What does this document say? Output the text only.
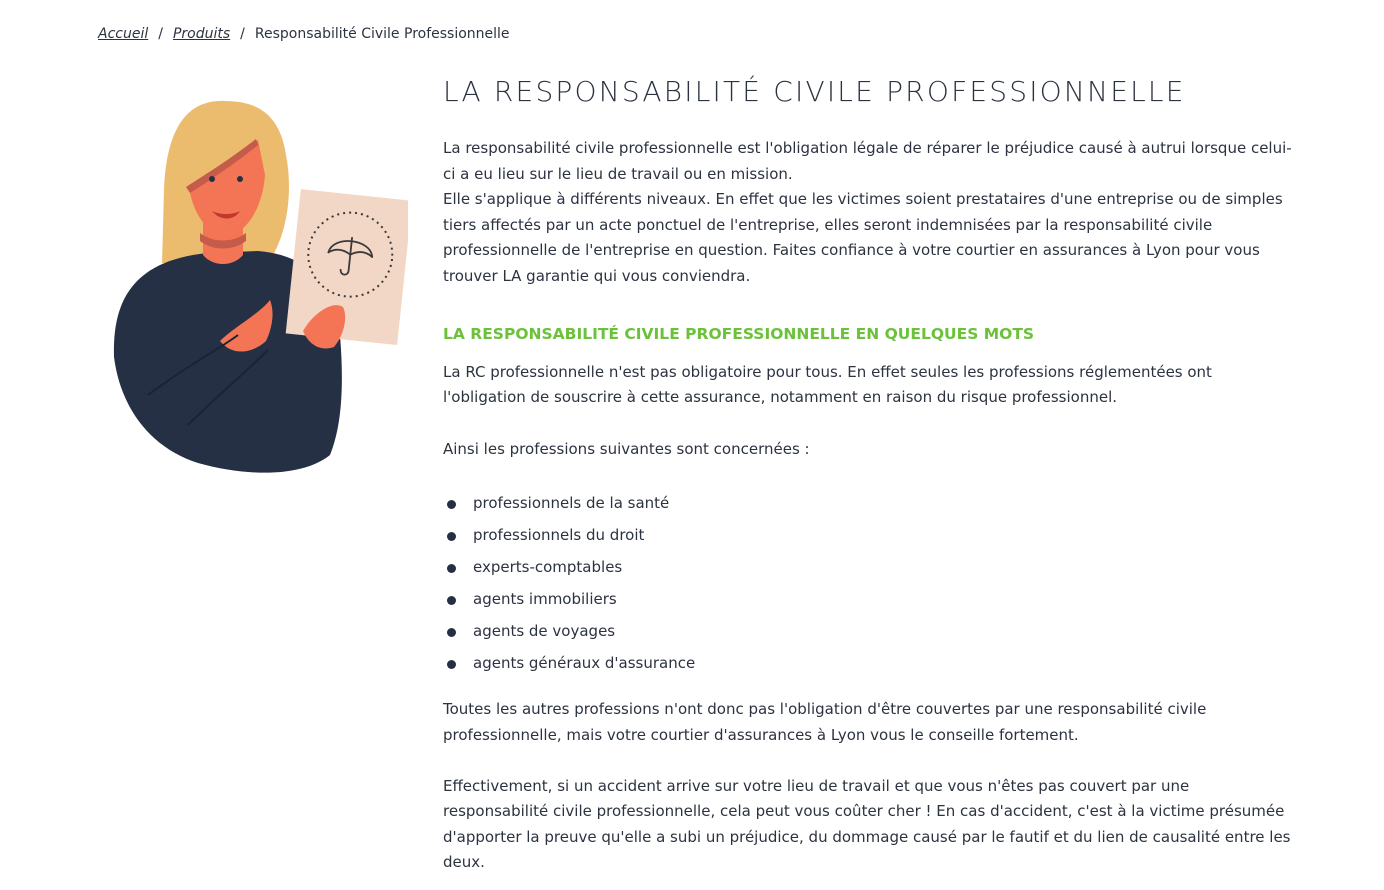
Accueil / Produits / Responsabilité Civile Professionnelle
LA RESPONSABILITÉ CIVILE PROFESSIONNELLE

La responsabilité civile professionnelle est l'obligation légale de réparer le préjudice causé à autrui lorsque celui-ci a eu lieu sur le lieu de travail ou en mission.

Elle s'applique à différents niveaux. En effet que les victimes soient prestataires d'une entreprise ou de simples tiers affectés par un acte ponctuel de l'entreprise, elles seront indemnisées par la responsabilité civile professionnelle de l'entreprise en question. Faites confiance à votre courtier en assurances à Lyon pour vous trouver LA garantie qui vous conviendra.

LA RESPONSABILITÉ CIVILE PROFESSIONNELLE EN QUELQUES MOTS

La RC professionnelle n'est pas obligatoire pour tous. En effet seules les professions réglementées ont l'obligation de souscrire à cette assurance, notamment en raison du risque professionnel.

Ainsi les professions suivantes sont concernées :

professionnels de la santé
professionnels du droit
experts-comptables
agents immobiliers
agents de voyages
agents généraux d'assurance

Toutes les autres professions n'ont donc pas l'obligation d'être couvertes par une responsabilité civile professionnelle, mais votre courtier d'assurances à Lyon vous le conseille fortement.

Effectivement, si un accident arrive sur votre lieu de travail et que vous n'êtes pas couvert par une responsabilité civile professionnelle, cela peut vous coûter cher ! En cas d'accident, c'est à la victime présumée d'apporter la preuve qu'elle a subi un préjudice, du dommage causé par le fautif et du lien de causalité entre les deux.
